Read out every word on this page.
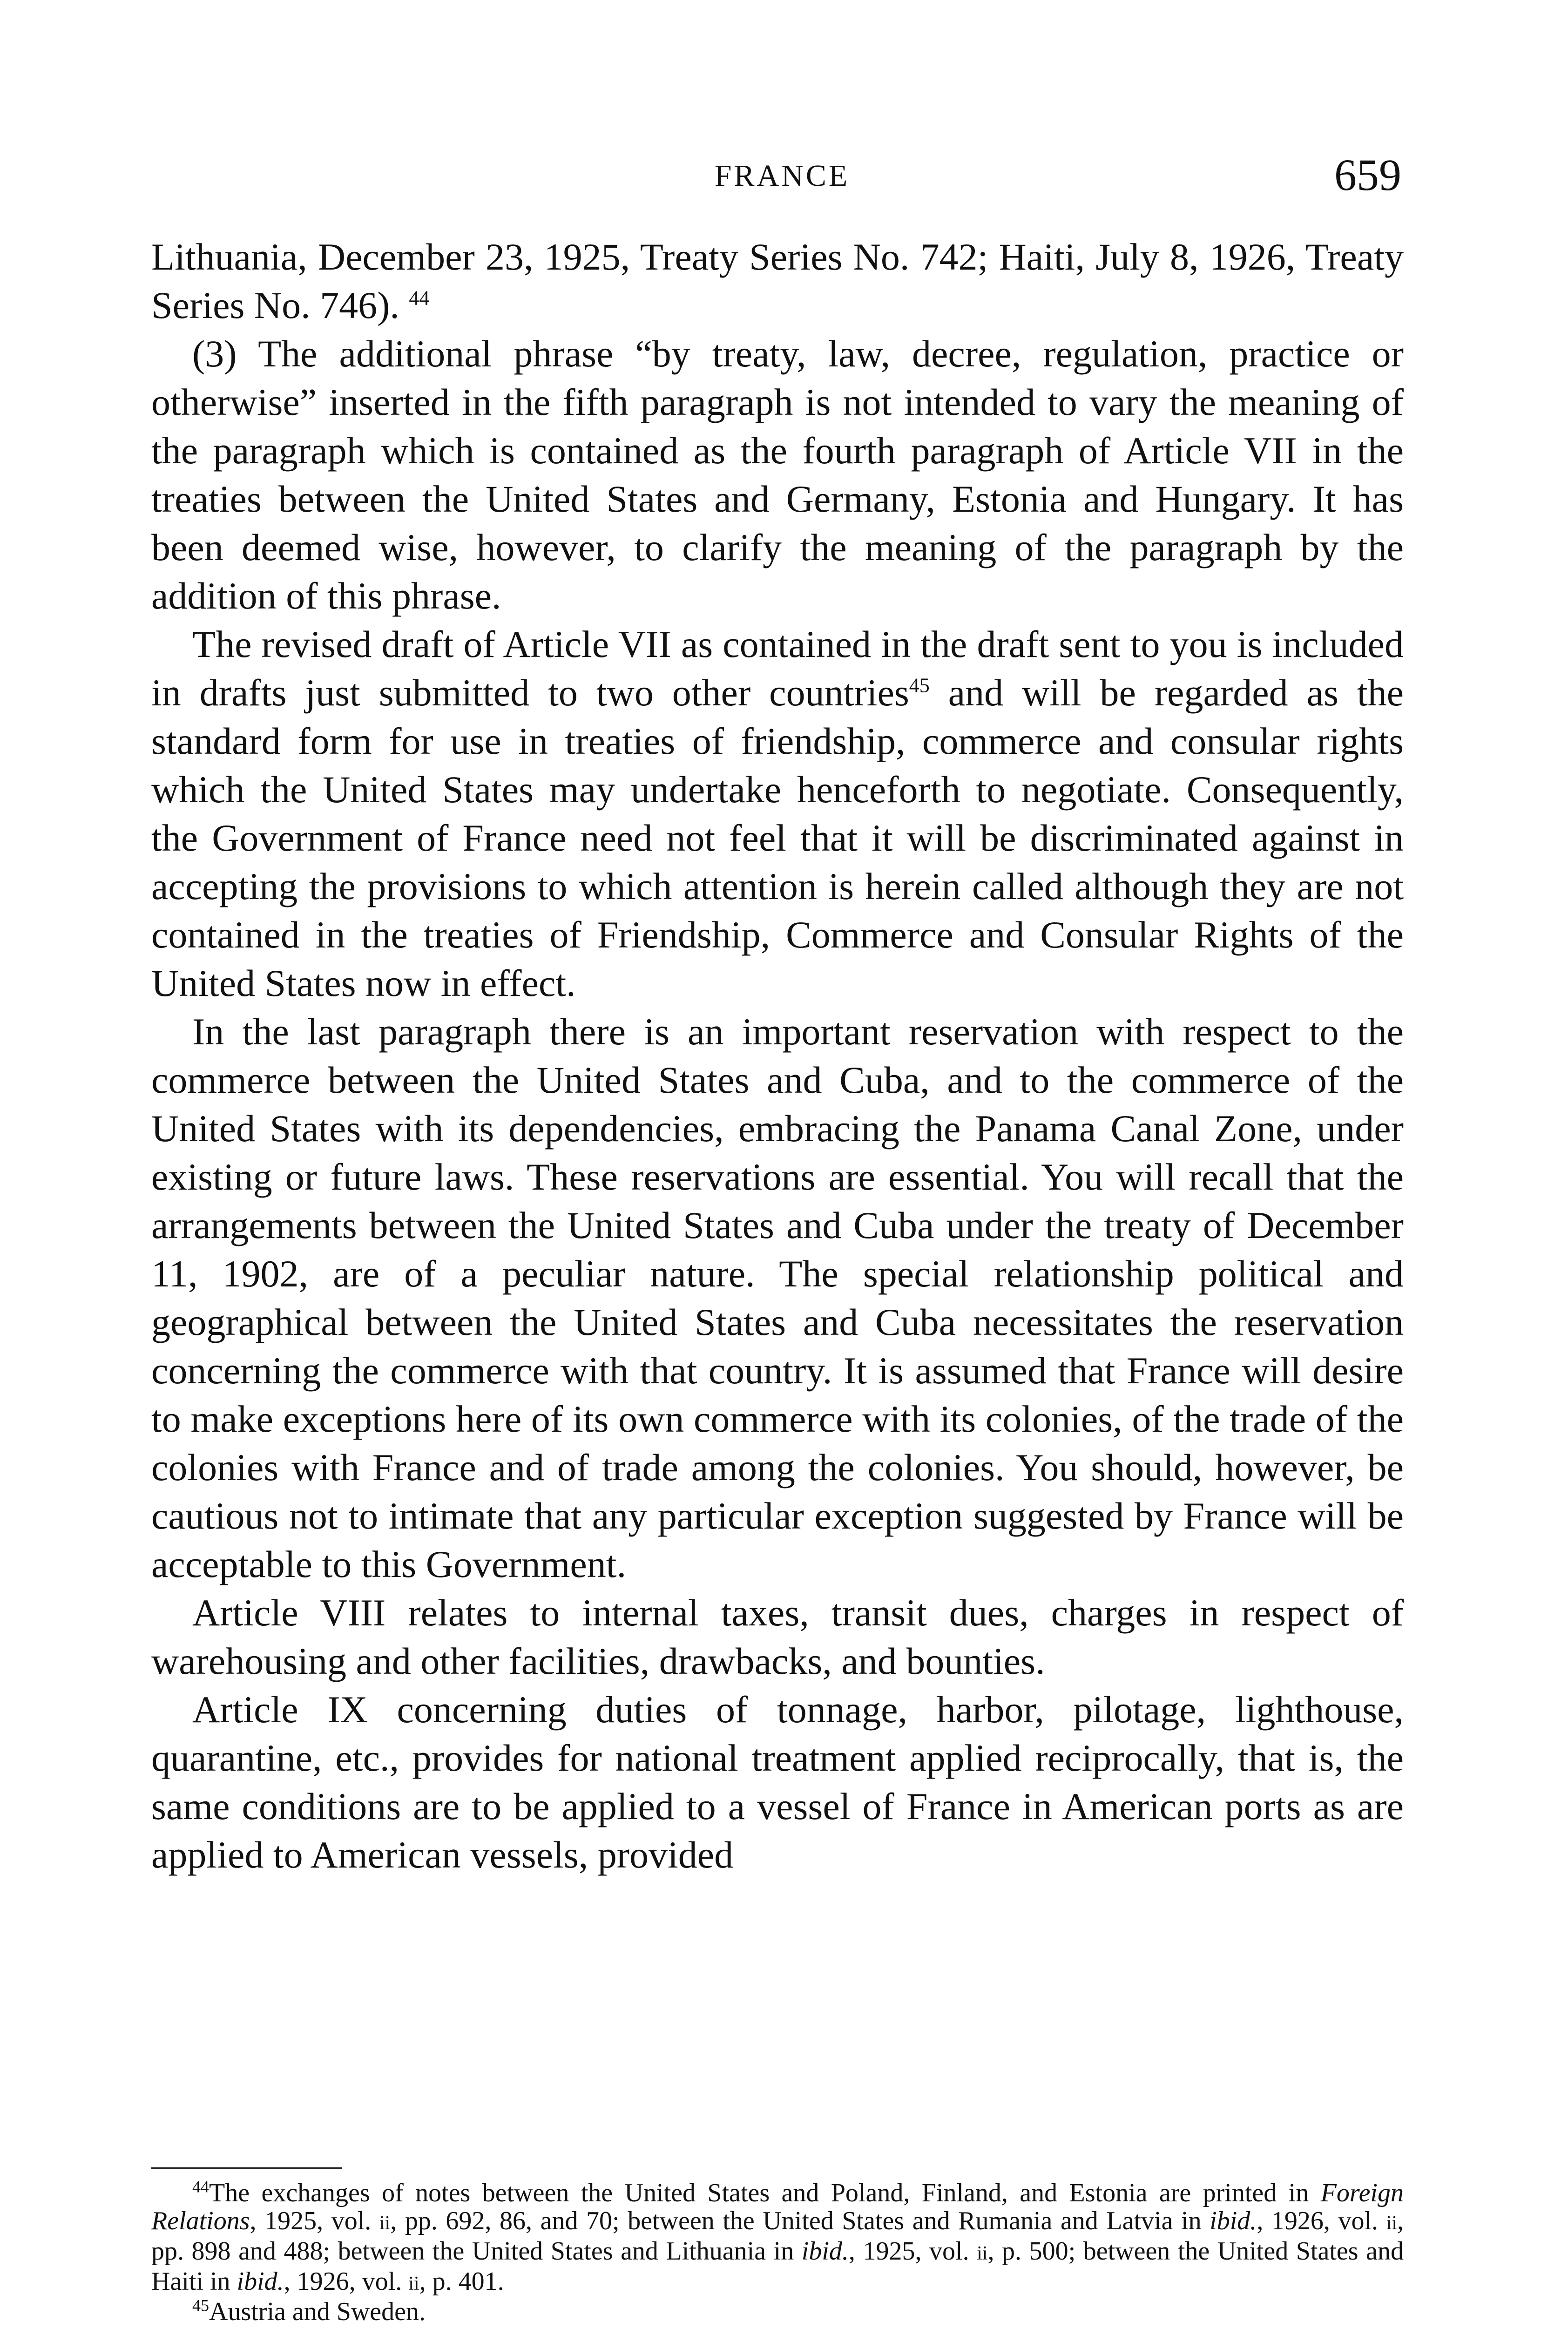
FRANCE	659

Lithuania, December 23, 1925, Treaty Series No. 742; Haiti, July 8, 1926, Treaty Series No. 746). $^{44}$

(3) The additional phrase “by treaty, law, decree, regulation, practice or otherwise” inserted in the fifth paragraph is not intended to vary the meaning of the paragraph which is contained as the fourth paragraph of Article VII in the treaties between the United States and Germany, Estonia and Hungary. It has been deemed wise, however, to clarify the meaning of the paragraph by the addition of this phrase.

The revised draft of Article VII as contained in the draft sent to you is included in drafts just submitted to two other countries$^{45}$ and will be regarded as the standard form for use in treaties of friendship, commerce and consular rights which the United States may undertake henceforth to negotiate. Consequently, the Government of France need not feel that it will be discriminated against in accepting the provisions to which attention is herein called although they are not contained in the treaties of Friendship, Commerce and Consular Rights of the United States now in effect.

In the last paragraph there is an important reservation with respect to the commerce between the United States and Cuba, and to the commerce of the United States with its dependencies, embracing the Panama Canal Zone, under existing or future laws. These reservations are essential. You will recall that the arrangements between the United States and Cuba under the treaty of December 11, 1902, are of a peculiar nature. The special relationship political and geographical between the United States and Cuba necessitates the reservation concerning the commerce with that country. It is assumed that France will desire to make exceptions here of its own commerce with its colonies, of the trade of the colonies with France and of trade among the colonies. You should, however, be cautious not to intimate that any particular exception suggested by France will be acceptable to this Government.

Article VIII relates to internal taxes, transit dues, charges in respect of warehousing and other facilities, drawbacks, and bounties.

Article IX concerning duties of tonnage, harbor, pilotage, lighthouse, quarantine, etc., provides for national treatment applied reciprocally, that is, the same conditions are to be applied to a vessel of France in American ports as are applied to American vessels, provided

$^{44}$The exchanges of notes between the United States and Poland, Finland, and Estonia are printed in Foreign Relations, 1925, vol. ii, pp. 692, 86, and 70; between the United States and Rumania and Latvia in ibid., 1926, vol. ii, pp. 898 and 488; between the United States and Lithuania in ibid., 1925, vol. ii, p. 500; between the United States and Haiti in ibid., 1926, vol. ii, p. 401.

$^{45}$Austria and Sweden.
